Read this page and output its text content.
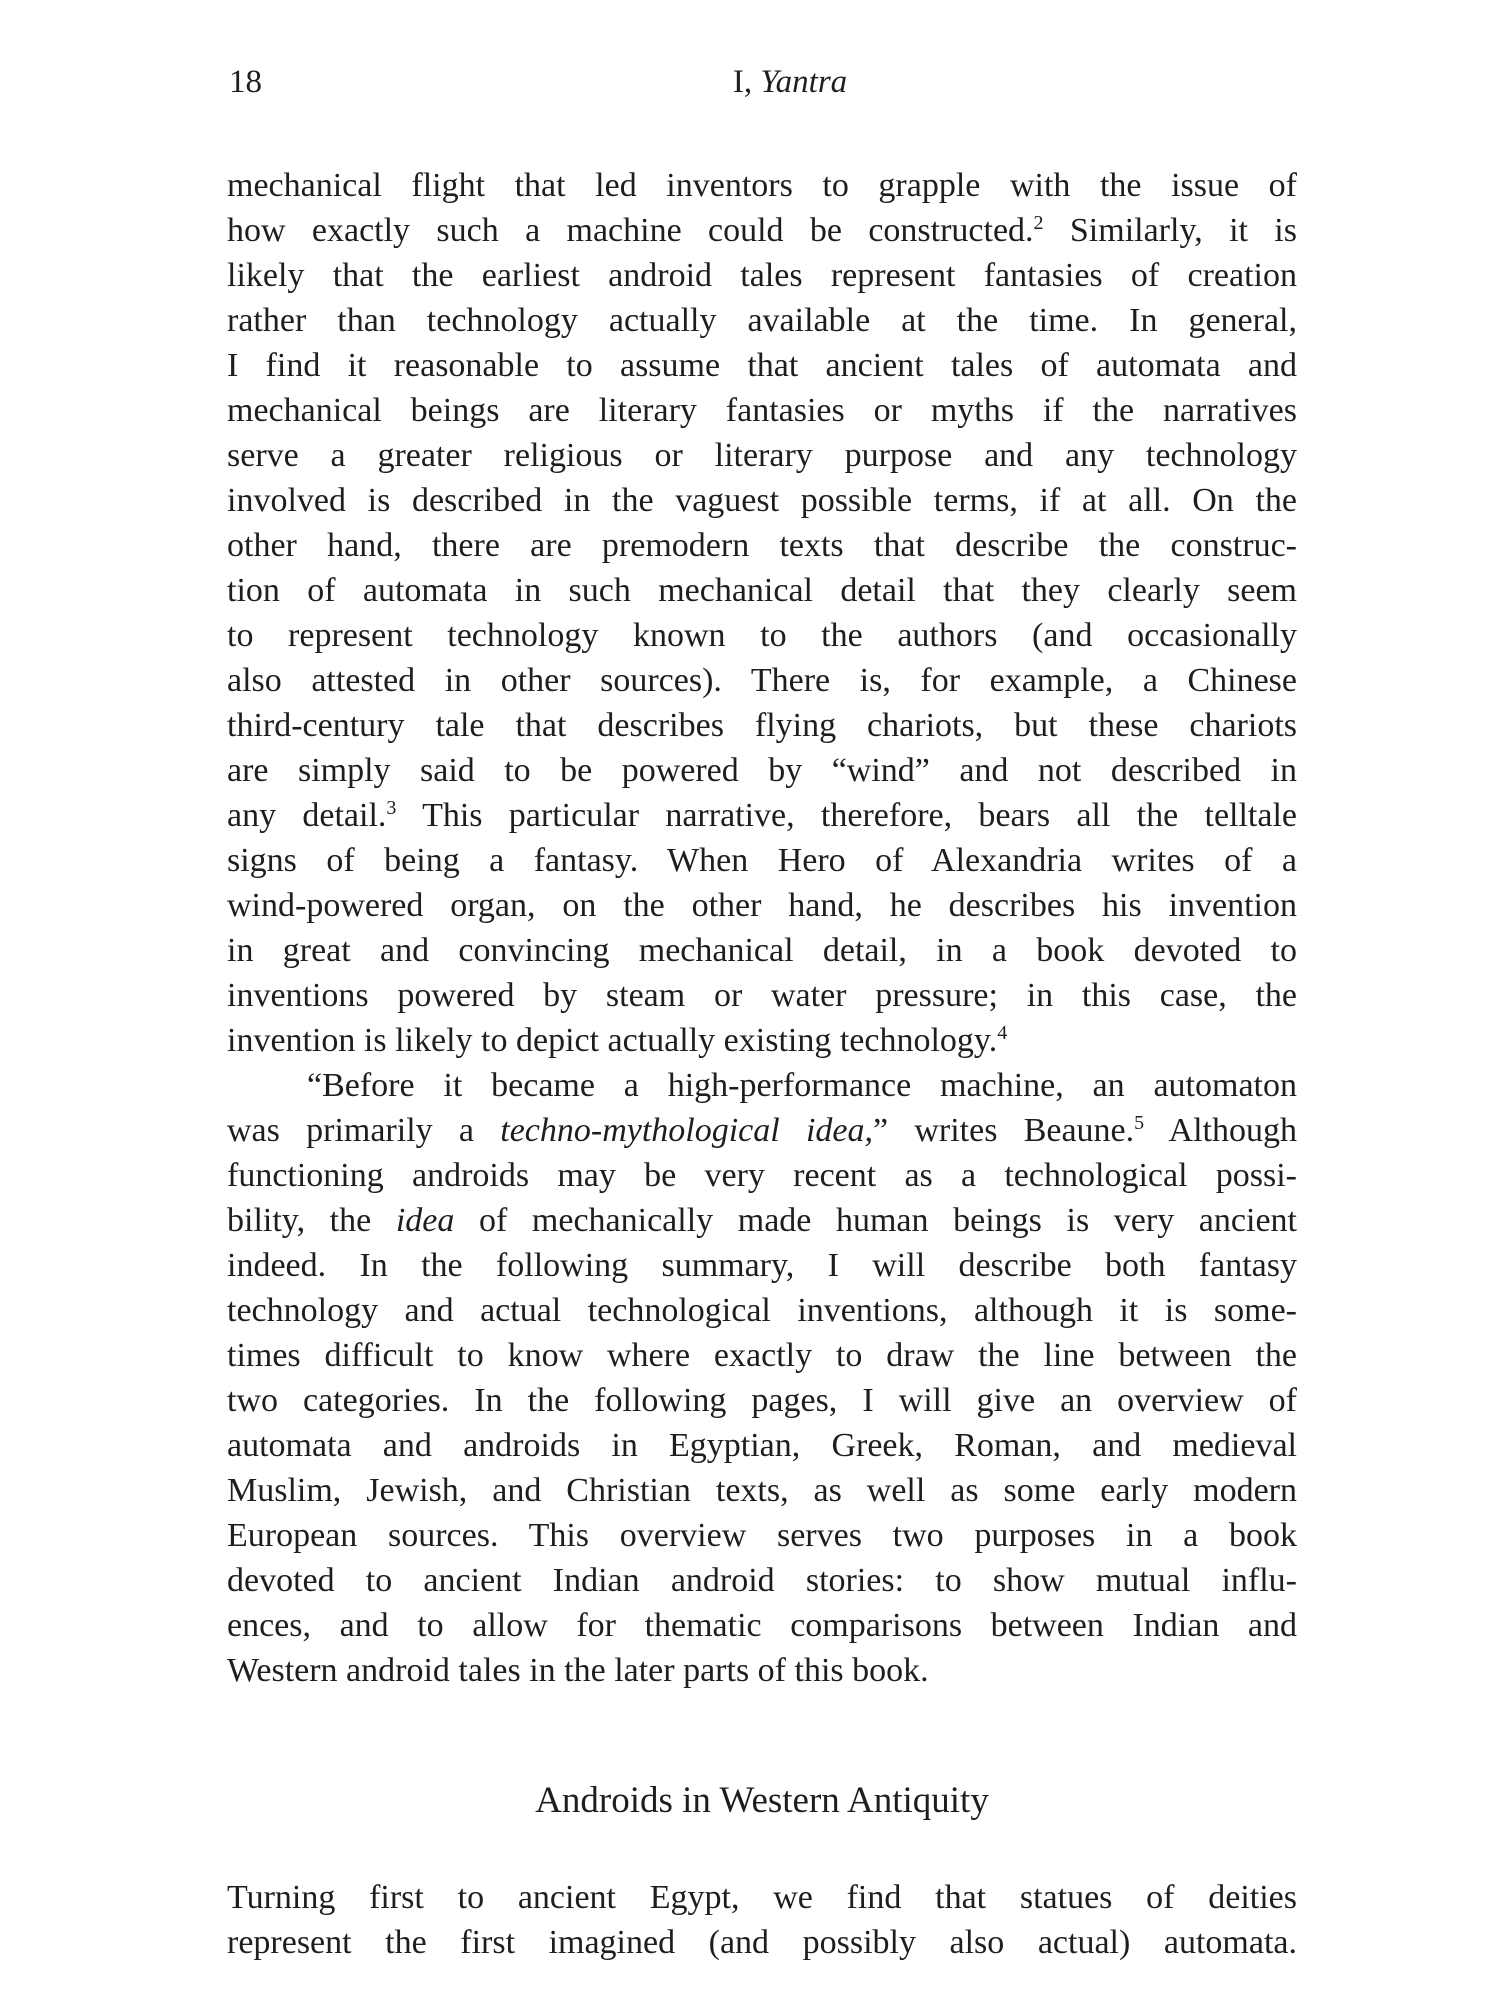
18	I, Yantra
mechanical flight that led inventors to grapple with the issue of
how exactly such a machine could be constructed.$^2$ Similarly, it is
likely that the earliest android tales represent fantasies of creation
rather than technology actually available at the time. In general,
I find it reasonable to assume that ancient tales of automata and
mechanical beings are literary fantasies or myths if the narratives
serve a greater religious or literary purpose and any technology
involved is described in the vaguest possible terms, if at all. On the
other hand, there are premodern texts that describe the construc-
tion of automata in such mechanical detail that they clearly seem
to represent technology known to the authors (and occasionally
also attested in other sources). There is, for example, a Chinese
third-century tale that describes flying chariots, but these chariots
are simply said to be powered by “wind” and not described in
any detail.$^3$ This particular narrative, therefore, bears all the telltale
signs of being a fantasy. When Hero of Alexandria writes of a
wind-powered organ, on the other hand, he describes his invention
in great and convincing mechanical detail, in a book devoted to
inventions powered by steam or water pressure; in this case, the
invention is likely to depict actually existing technology.$^4$
“Before it became a high-performance machine, an automaton
was primarily a techno-mythological idea,” writes Beaune.$^5$ Although
functioning androids may be very recent as a technological possi-
bility, the idea of mechanically made human beings is very ancient
indeed. In the following summary, I will describe both fantasy
technology and actual technological inventions, although it is some-
times difficult to know where exactly to draw the line between the
two categories. In the following pages, I will give an overview of
automata and androids in Egyptian, Greek, Roman, and medieval
Muslim, Jewish, and Christian texts, as well as some early modern
European sources. This overview serves two purposes in a book
devoted to ancient Indian android stories: to show mutual influ-
ences, and to allow for thematic comparisons between Indian and
Western android tales in the later parts of this book.
Androids in Western Antiquity
Turning first to ancient Egypt, we find that statues of deities
represent the first imagined (and possibly also actual) automata.
